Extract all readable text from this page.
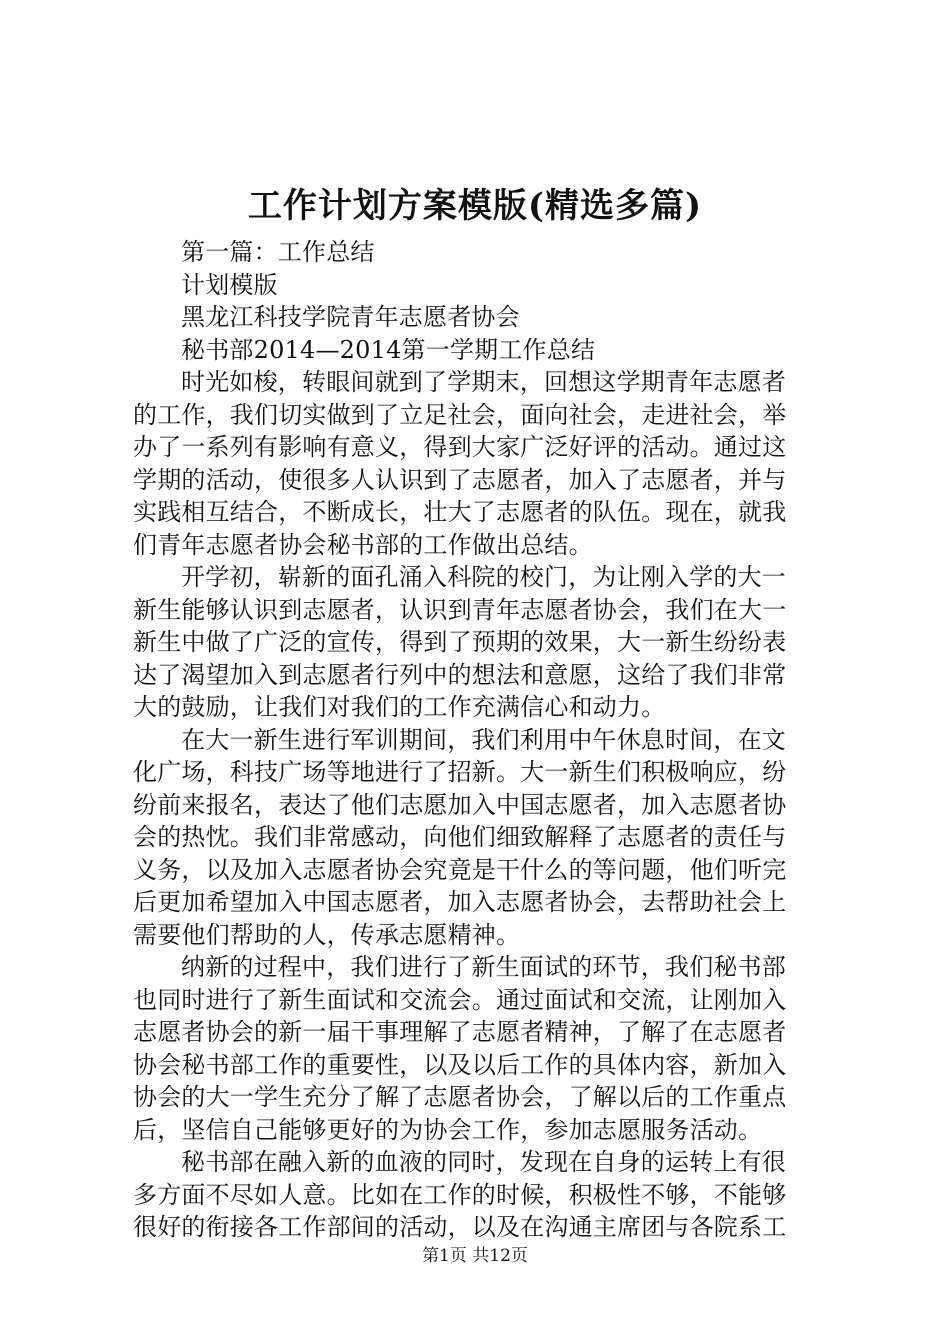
工作计划方案模版(精选多篇)

第一篇：工作总结

计划模版

黑龙江科技学院青年志愿者协会

秘书部2014—2014第一学期工作总结

时光如梭，转眼间就到了学期末，回想这学期青年志愿者

的工作，我们切实做到了立足社会，面向社会，走进社会，举

办了一系列有影响有意义，得到大家广泛好评的活动。通过这

学期的活动，使很多人认识到了志愿者，加入了志愿者，并与

实践相互结合，不断成长，壮大了志愿者的队伍。现在，就我

们青年志愿者协会秘书部的工作做出总结。

开学初，崭新的面孔涌入科院的校门，为让刚入学的大一

新生能够认识到志愿者，认识到青年志愿者协会，我们在大一

新生中做了广泛的宣传，得到了预期的效果，大一新生纷纷表

达了渴望加入到志愿者行列中的想法和意愿，这给了我们非常

大的鼓励，让我们对我们的工作充满信心和动力。

在大一新生进行军训期间，我们利用中午休息时间，在文

化广场，科技广场等地进行了招新。大一新生们积极响应，纷

纷前来报名，表达了他们志愿加入中国志愿者，加入志愿者协

会的热忱。我们非常感动，向他们细致解释了志愿者的责任与

义务，以及加入志愿者协会究竟是干什么的等问题，他们听完

后更加希望加入中国志愿者，加入志愿者协会，去帮助社会上

需要他们帮助的人，传承志愿精神。

纳新的过程中，我们进行了新生面试的环节，我们秘书部

也同时进行了新生面试和交流会。通过面试和交流，让刚加入

志愿者协会的新一届干事理解了志愿者精神，了解了在志愿者

协会秘书部工作的重要性，以及以后工作的具体内容，新加入

协会的大一学生充分了解了志愿者协会，了解以后的工作重点

后，坚信自己能够更好的为协会工作，参加志愿服务活动。

秘书部在融入新的血液的同时，发现在自身的运转上有很

多方面不尽如人意。比如在工作的时候，积极性不够，不能够

很好的衔接各工作部间的活动，以及在沟通主席团与各院系工

第1页 共12页
